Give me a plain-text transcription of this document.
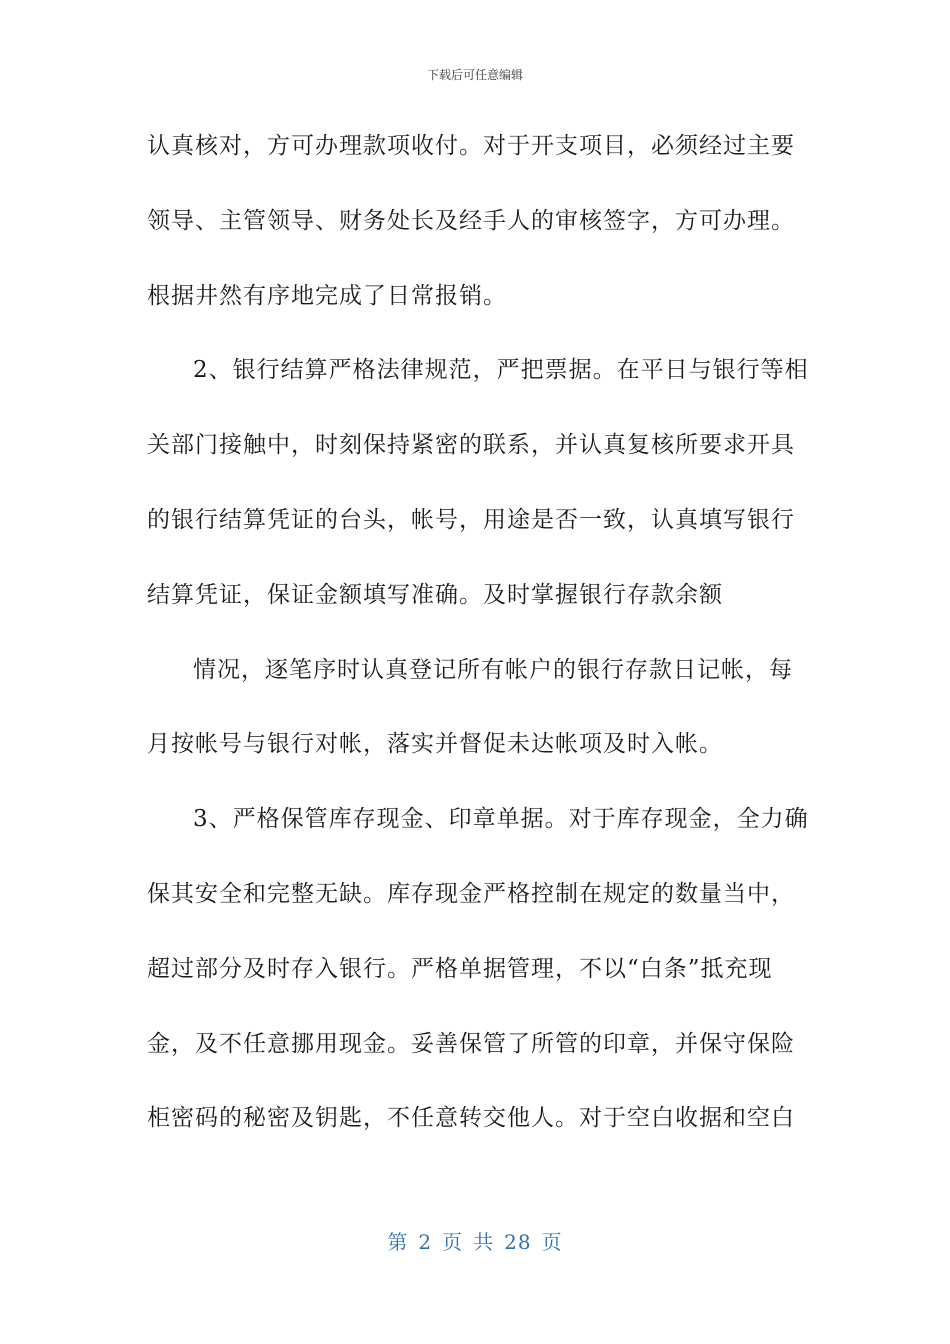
下载后可任意编辑
认真核对，方可办理款项收付。对于开支项目，必须经过主要
领导、主管领导、财务处长及经手人的审核签字，方可办理。
根据井然有序地完成了日常报销。
2、银行结算严格法律规范，严把票据。在平日与银行等相
关部门接触中，时刻保持紧密的联系，并认真复核所要求开具
的银行结算凭证的台头，帐号，用途是否一致，认真填写银行
结算凭证，保证金额填写准确。及时掌握银行存款余额
情况，逐笔序时认真登记所有帐户的银行存款日记帐，每
月按帐号与银行对帐，落实并督促未达帐项及时入帐。
3、严格保管库存现金、印章单据。对于库存现金，全力确
保其安全和完整无缺。库存现金严格控制在规定的数量当中，
超过部分及时存入银行。严格单据管理，不以“白条”抵充现
金，及不任意挪用现金。妥善保管了所管的印章，并保守保险
柜密码的秘密及钥匙，不任意转交他人。对于空白收据和空白
第 2 页 共 28 页
